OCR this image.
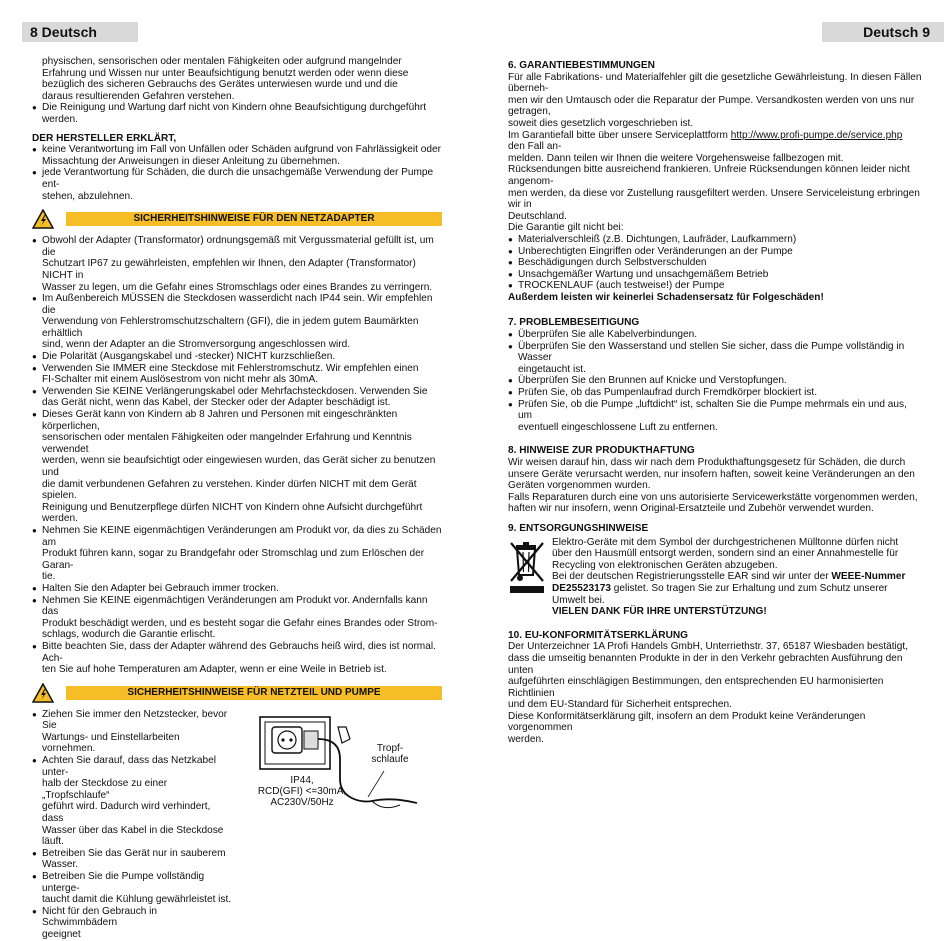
8 Deutsch	Deutsch 9
physischen, sensorischen oder mentalen Fähigkeiten oder aufgrund mangelnder
Erfahrung und Wissen nur unter Beaufsichtigung benutzt werden oder wenn diese
bezüglich des sicheren Gebrauchs des Gerätes unterwiesen wurde und und die
daraus resultierenden Gefahren verstehen.
● Die Reinigung und Wartung darf nicht von Kindern ohne Beaufsichtigung durchgeführt werden.
DER HERSTELLER ERKLÄRT,
● keine Verantwortung im Fall von Unfällen oder Schäden aufgrund von Fahrlässigkeit oder
Missachtung der Anweisungen in dieser Anleitung zu übernehmen.
● jede Verantwortung für Schäden, die durch die unsachgemäße Verwendung der Pumpe ent-
stehen, abzulehnen.
SICHERHEITSHINWEISE FÜR DEN NETZADAPTER
● Obwohl der Adapter (Transformator) ordnungsgemäß mit Vergussmaterial gefüllt ist, um die
Schutzart IP67 zu gewährleisten, empfehlen wir Ihnen, den Adapter (Transformator) NICHT in
Wasser zu legen, um die Gefahr eines Stromschlags oder eines Brandes zu verringern.
● Im Außenbereich MÜSSEN die Steckdosen wasserdicht nach IP44 sein. Wir empfehlen die
Verwendung von Fehlerstromschutzschaltern (GFI), die in jedem gutem Baumärkten erhältlich
sind, wenn der Adapter an die Stromversorgung angeschlossen wird.
● Die Polarität (Ausgangskabel und -stecker) NICHT kurzschließen.
● Verwenden Sie IMMER eine Steckdose mit Fehlerstromschutz. Wir empfehlen einen
FI-Schalter mit einem Auslösestrom von nicht mehr als 30mA.
● Verwenden Sie KEINE Verlängerungskabel oder Mehrfachsteckdosen. Verwenden Sie
das Gerät nicht, wenn das Kabel, der Stecker oder der Adapter beschädigt ist.
● Dieses Gerät kann von Kindern ab 8 Jahren und Personen mit eingeschränkten körperlichen,
sensorischen oder mentalen Fähigkeiten oder mangelnder Erfahrung und Kenntnis verwendet
werden, wenn sie beaufsichtigt oder eingewiesen wurden, das Gerät sicher zu benutzen und
die damit verbundenen Gefahren zu verstehen. Kinder dürfen NICHT mit dem Gerät spielen.
Reinigung und Benutzerpflege dürfen NICHT von Kindern ohne Aufsicht durchgeführt werden.
● Nehmen Sie KEINE eigenmächtigen Veränderungen am Produkt vor, da dies zu Schäden am
Produkt führen kann, sogar zu Brandgefahr oder Stromschlag und zum Erlöschen der Garan-
tie.
● Halten Sie den Adapter bei Gebrauch immer trocken.
● Nehmen Sie KEINE eigenmächtigen Veränderungen am Produkt vor. Andernfalls kann das
Produkt beschädigt werden, und es besteht sogar die Gefahr eines Brandes oder Strom-
schlags, wodurch die Garantie erlischt.
● Bitte beachten Sie, dass der Adapter während des Gebrauchs heiß wird, dies ist normal. Ach-
ten Sie auf hohe Temperaturen am Adapter, wenn er eine Weile in Betrieb ist.
SICHERHEITSHINWEISE FÜR NETZTEIL UND PUMPE
● Ziehen Sie immer den Netzstecker, bevor Sie
Wartungs- und Einstellarbeiten vornehmen.
● Achten Sie darauf, dass das Netzkabel unter-
halb der Steckdose zu einer „Tropfschlaufe“
geführt wird. Dadurch wird verhindert, dass
Wasser über das Kabel in die Steckdose läuft.
● Betreiben Sie das Gerät nur in sauberem
Wasser.
● Betreiben Sie die Pumpe vollständig unterge-
taucht damit die Kühlung gewährleistet ist.
● Nicht für den Gebrauch in Schwimmbädern
geeignet
IP44,
RCD(GFI) <=30mA,
AC230V/50Hz
Tropf-
schlaufe
6. GARANTIEBESTIMMUNGEN
Für alle Fabrikations- und Materialfehler gilt die gesetzliche Gewährleistung. In diesen Fällen überneh-
men wir den Umtausch oder die Reparatur der Pumpe. Versandkosten werden von uns nur getragen,
soweit dies gesetzlich vorgeschrieben ist.
Im Garantiefall bitte über unsere Serviceplattform http://www.profi-pumpe.de/service.php den Fall an-
melden. Dann teilen wir Ihnen die weitere Vorgehensweise fallbezogen mit.
Rücksendungen bitte ausreichend frankieren. Unfreie Rücksendungen können leider nicht angenom-
men werden, da diese vor Zustellung rausgefiltert werden. Unsere Serviceleistung erbringen wir in
Deutschland.
Die Garantie gilt nicht bei:
● Materialverschleiß (z.B. Dichtungen, Laufräder, Laufkammern)
● Unberechtigten Eingriffen oder Veränderungen an der Pumpe
● Beschädigungen durch Selbstverschulden
● Unsachgemäßer Wartung und unsachgemäßem Betrieb
● TROCKENLAUF (auch testweise!) der Pumpe
Außerdem leisten wir keinerlei Schadensersatz für Folgeschäden!
7. PROBLEMBESEITIGUNG
● Überprüfen Sie alle Kabelverbindungen.
● Überprüfen Sie den Wasserstand und stellen Sie sicher, dass die Pumpe vollständig in Wasser
eingetaucht ist.
● Überprüfen Sie den Brunnen auf Knicke und Verstopfungen.
● Prüfen Sie, ob das Pumpenlaufrad durch Fremdkörper blockiert ist.
● Prüfen Sie, ob die Pumpe „luftdicht“ ist, schalten Sie die Pumpe mehrmals ein und aus, um
eventuell eingeschlossene Luft zu entfernen.
8. HINWEISE ZUR PRODUKTHAFTUNG
Wir weisen darauf hin, dass wir nach dem Produkthaftungsgesetz für Schäden, die durch
unsere Geräte verursacht werden, nur insofern haften, soweit keine Veränderungen an den
Geräten vorgenommen wurden.
Falls Reparaturen durch eine von uns autorisierte Servicewerkstätte vorgenommen werden,
haften wir nur insofern, wenn Original-Ersatzteile und Zubehör verwendet wurden.
9. ENTSORGUNGSHINWEISE
Elektro-Geräte mit dem Symbol der durchgestrichenen Mülltonne dürfen nicht
über den Hausmüll entsorgt werden, sondern sind an einer Annahmestelle für
Recycling von elektronischen Geräten abzugeben.
Bei der deutschen Registrierungsstelle EAR sind wir unter der WEEE-Nummer
DE25523173 gelistet. So tragen Sie zur Erhaltung und zum Schutz unserer
Umwelt bei.
VIELEN DANK FÜR IHRE UNTERSTÜTZUNG!
10. EU-KONFORMITÄTSERKLÄRUNG
Der Unterzeichner 1A Profi Handels GmbH, Unterriethstr. 37, 65187 Wiesbaden bestätigt,
dass die umseitig benannten Produkte in der in den Verkehr gebrachten Ausführung den unten
aufgeführten einschlägigen Bestimmungen, den entsprechenden EU harmonisierten Richtlinien
und dem EU-Standard für Sicherheit entsprechen.
Diese Konformitätserklärung gilt, insofern an dem Produkt keine Veränderungen vorgenommen
werden.
